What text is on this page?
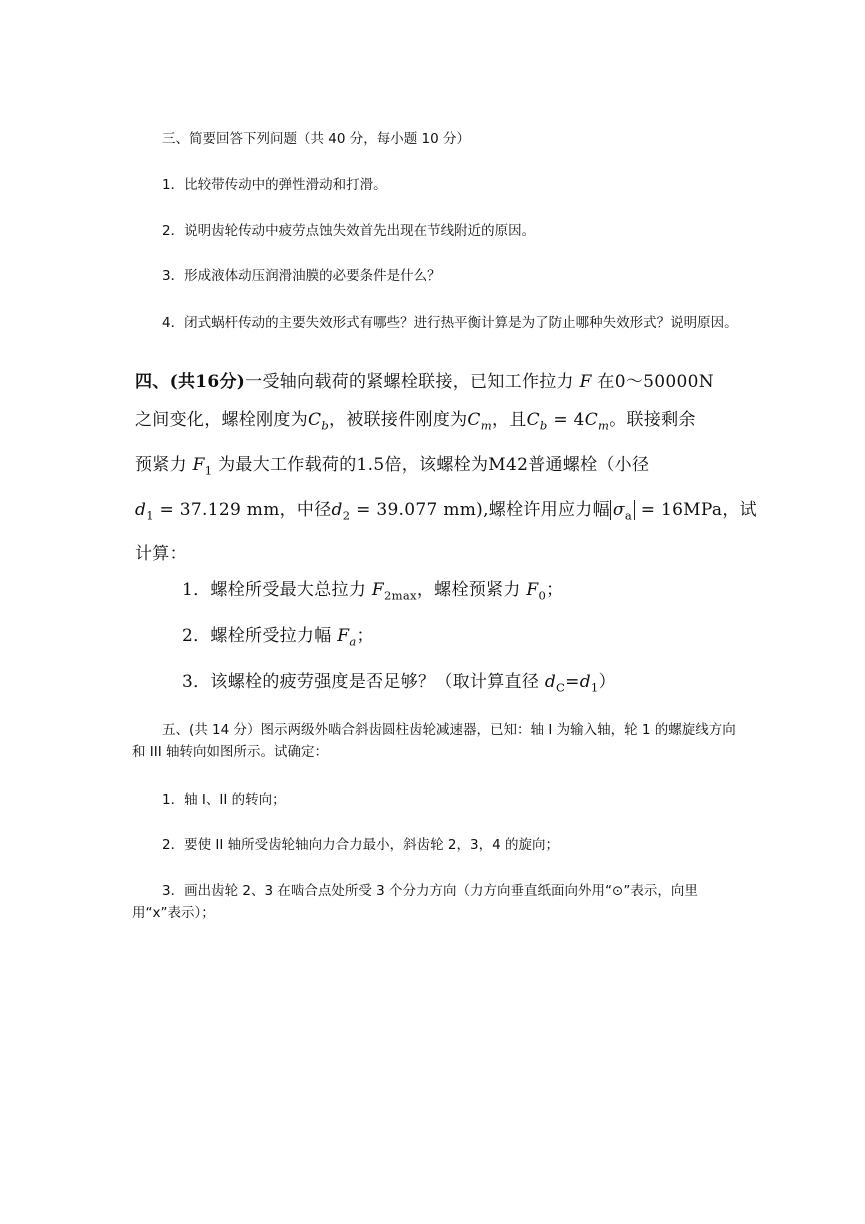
三、简要回答下列问题（共 40 分，每小题 10 分）
1．比较带传动中的弹性滑动和打滑。
2．说明齿轮传动中疲劳点蚀失效首先出现在节线附近的原因。
3．形成液体动压润滑油膜的必要条件是什么？
4．闭式蜗杆传动的主要失效形式有哪些？进行热平衡计算是为了防止哪种失效形式？说明原因。
四、(共16分)一受轴向载荷的紧螺栓联接，已知工作拉力 F 在0～50000N
之间变化，螺栓刚度为$C_b$，被联接件刚度为$C_m$，且$C_b = 4C_m$。联接剩余
预紧力 $F_1$ 为最大工作载荷的1.5倍，该螺栓为M42普通螺栓（小径
$d_1 = 37.129$ mm，中径$d_2 = 39.077$ mm),螺栓许用应力幅 $\sigma_a = 16MPa$，试
计算：
1．螺栓所受最大总拉力 $F_{2max}$，螺栓预紧力 $F_0$；
2．螺栓所受拉力幅 $F_a$；
3．该螺栓的疲劳强度是否足够？（取计算直径 $d_C=d_1$）
五、(共 14 分）图示两级外啮合斜齿圆柱齿轮减速器，已知：轴 I 为输入轴，轮 1 的螺旋线方向和 III 轴转向如图所示。试确定：
1．轴 I、II 的转向；
2．要使 II 轴所受齿轮轴向力合力最小，斜齿轮 2，3，4 的旋向；
3．画出齿轮 2、3 在啮合点处所受 3 个分力方向（力方向垂直纸面向外用“⊙”表示，向里用“x”表示）；
